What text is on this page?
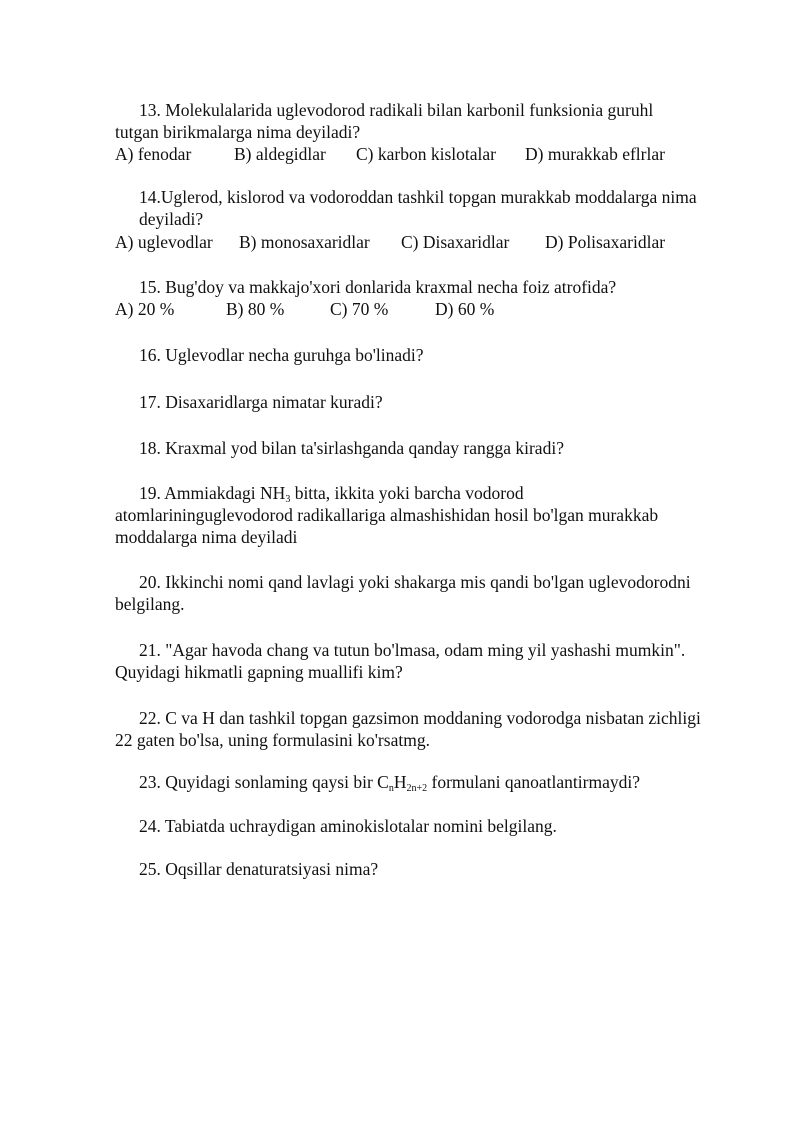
13. Molekulalarida uglevodorod radikali bilan karbonil funksionia guruhl
tutgan birikmalarga nima deyiladi?
A) fenodar B) aldegidlar C) karbon kislotalar D) murakkab eflrlar
14.Uglerod, kislorod va vodoroddan tashkil topgan murakkab moddalarga nima
deyiladi?
A) uglevodlar B) monosaxaridlar C) Disaxaridlar D) Polisaxaridlar
15. Bug'doy va makkajo'xori donlarida kraxmal necha foiz atrofida?
A) 20 %	B) 80 %	C) 70 %	D) 60 %
16. Uglevodlar necha guruhga bo'linadi?
17. Disaxaridlarga nimatar kuradi?
18. Kraxmal yod bilan ta'sirlashganda qanday rangga kiradi?
19. Ammiakdagi $NH_3$ bitta, ikkita yoki barcha vodorod
atomlarininguglevodorod radikallariga almashishidan hosil bo'lgan murakkab
moddalarga nima deyiladi
20. Ikkinchi nomi qand lavlagi yoki shakarga mis qandi bo'lgan uglevodorodni
belgilang.
21. "Agar havoda chang va tutun bo'lmasa, odam ming yil yashashi mumkin".
Quyidagi hikmatli gapning muallifi kim?
22. C va H dan tashkil topgan gazsimon moddaning vodorodga nisbatan zichligi
22 gaten bo'lsa, uning formulasini ko'rsatmg.
23. Quyidagi sonlaming qaysi bir $C_nH_{2n+2}$ formulani qanoatlantirmaydi?
24. Tabiatda uchraydigan aminokislotalar nomini belgilang.
25. Oqsillar denaturatsiyasi nima?
